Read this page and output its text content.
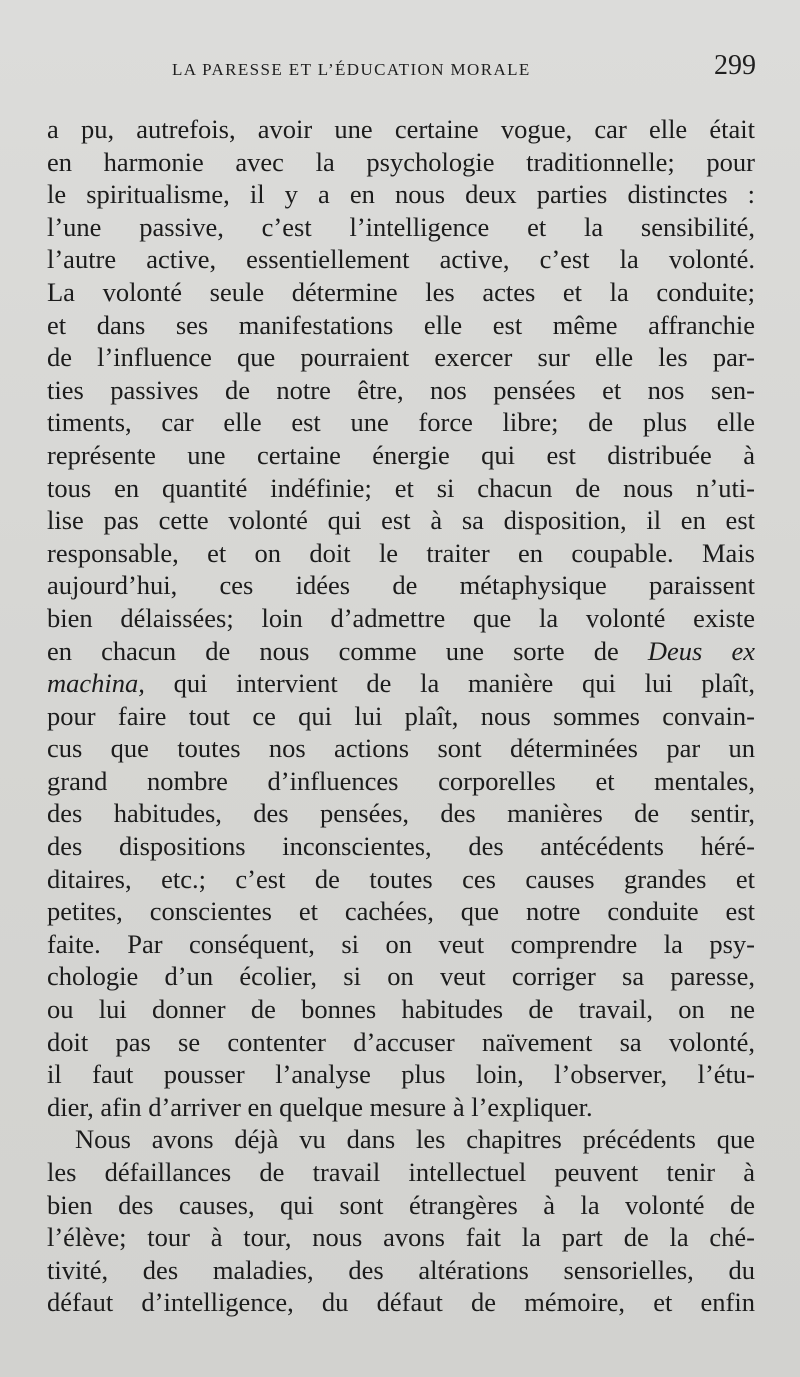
LA PARESSE ET L’ÉDUCATION MORALE	299
a pu, autrefois, avoir une certaine vogue, car elle était
en harmonie avec la psychologie traditionnelle; pour
le spiritualisme, il y a en nous deux parties distinctes :
l’une passive, c’est l’intelligence et la sensibilité,
l’autre active, essentiellement active, c’est la volonté.
La volonté seule détermine les actes et la conduite;
et dans ses manifestations elle est même affranchie
de l’influence que pourraient exercer sur elle les par-
ties passives de notre être, nos pensées et nos sen-
timents, car elle est une force libre; de plus elle
représente une certaine énergie qui est distribuée à
tous en quantité indéfinie; et si chacun de nous n’uti-
lise pas cette volonté qui est à sa disposition, il en est
responsable, et on doit le traiter en coupable. Mais
aujourd’hui, ces idées de métaphysique paraissent
bien délaissées; loin d’admettre que la volonté existe
en chacun de nous comme une sorte de Deus ex
machina, qui intervient de la manière qui lui plaît,
pour faire tout ce qui lui plaît, nous sommes convain-
cus que toutes nos actions sont déterminées par un
grand nombre d’influences corporelles et mentales,
des habitudes, des pensées, des manières de sentir,
des dispositions inconscientes, des antécédents héré-
ditaires, etc.; c’est de toutes ces causes grandes et
petites, conscientes et cachées, que notre conduite est
faite. Par conséquent, si on veut comprendre la psy-
chologie d’un écolier, si on veut corriger sa paresse,
ou lui donner de bonnes habitudes de travail, on ne
doit pas se contenter d’accuser naïvement sa volonté,
il faut pousser l’analyse plus loin, l’observer, l’étu-
dier, afin d’arriver en quelque mesure à l’expliquer.
Nous avons déjà vu dans les chapitres précédents que
les défaillances de travail intellectuel peuvent tenir à
bien des causes, qui sont étrangères à la volonté de
l’élève; tour à tour, nous avons fait la part de la ché-
tivité, des maladies, des altérations sensorielles, du
défaut d’intelligence, du défaut de mémoire, et enfin
